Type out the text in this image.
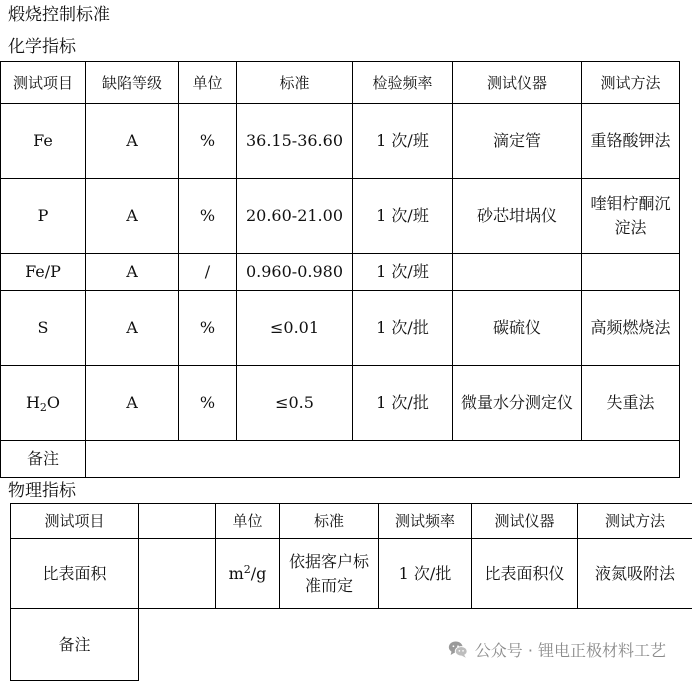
煅烧控制标准
化学指标
测试项目	缺陷等级	单位	标准	检验频率	测试仪器	测试方法
Fe	A	%	36.15-36.60	1 次/班	滴定管	重铬酸钾法
P	A	%	20.60-21.00	1 次/班	砂芯坩埚仪	喹钼柠酮沉淀法
Fe/P	A	/	0.960-0.980	1 次/班		
S	A	%	≤0.01	1 次/批	碳硫仪	高频燃烧法
$H_2O$	A	%	≤0.5	1 次/批	微量水分测定仪	失重法
备注						
物理指标
测试项目		单位	标准	测试频率	测试仪器	测试方法
比表面积		$m^2/g$	依据客户标准而定	1 次/批	比表面积仪	液氮吸附法
备注							公众号 · 锂电正极材料工艺
